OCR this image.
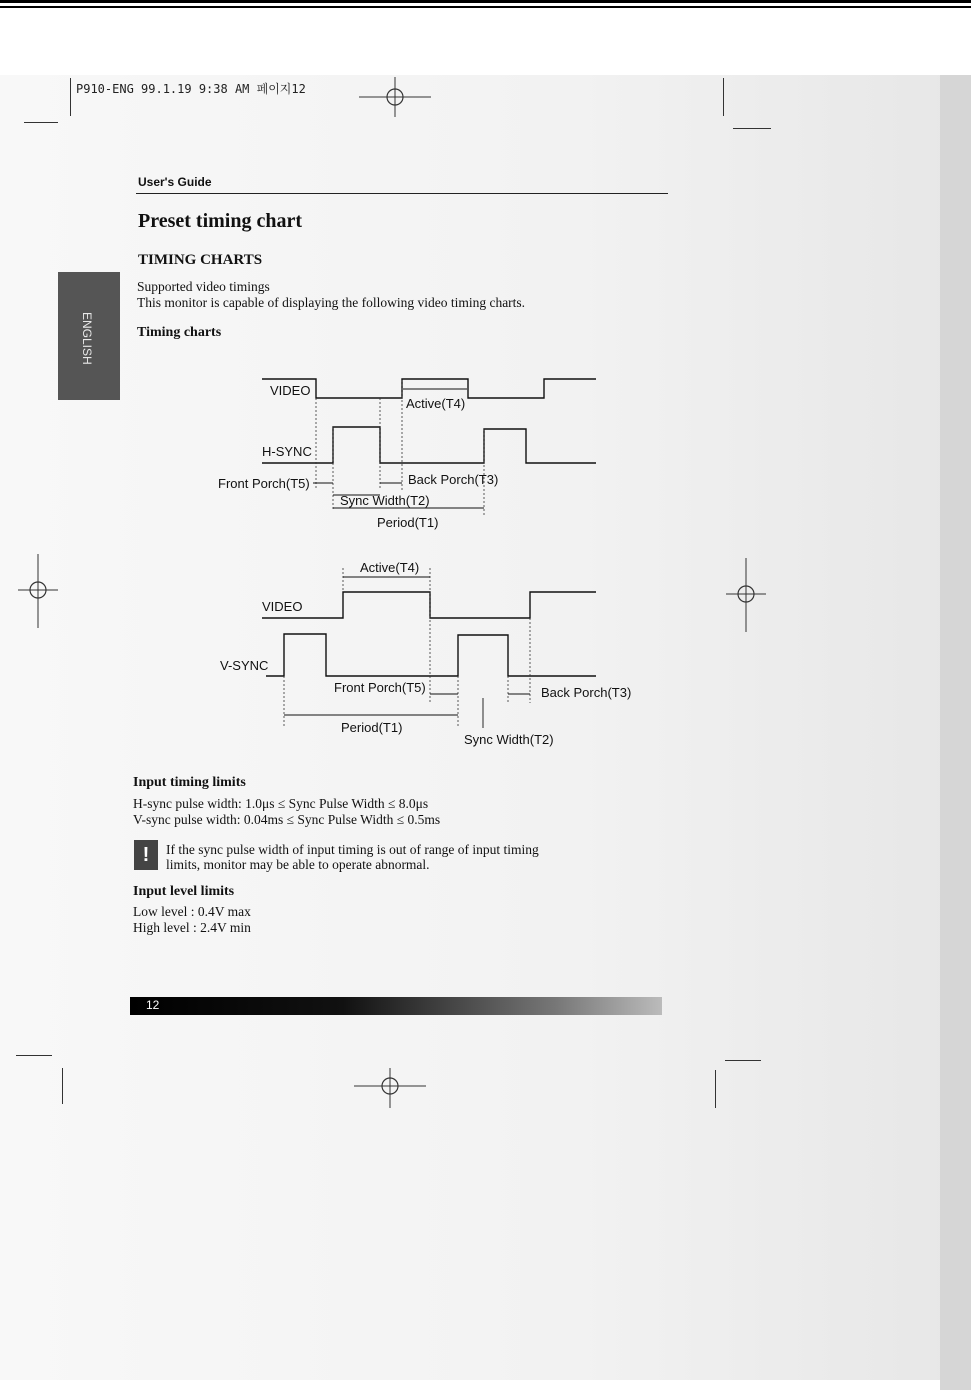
P910-ENG 99.1.19 9:38 AM 페이지12
User's Guide
ENGLISH
Preset timing chart
TIMING CHARTS
Supported video timings
This monitor is capable of displaying the following video timing charts.
Timing charts
VIDEO
H-SYNC
Active(T4)
Front Porch(T5)	Back Porch(T3)
Sync Width(T2)
Period(T1)
Active(T4)
VIDEO
V-SYNC
Front Porch(T5)	Back Porch(T3)
Period(T1)
Sync Width(T2)
Input timing limits
H-sync pulse width: 1.0μs ≤ Sync Pulse Width ≤ 8.0μs
V-sync pulse width: 0.04ms ≤ Sync Pulse Width ≤ 0.5ms
!	If the sync pulse width of input timing is out of range of input timing
limits, monitor may be able to operate abnormal.
Input level limits
Low level : 0.4V max
High level : 2.4V min
12
